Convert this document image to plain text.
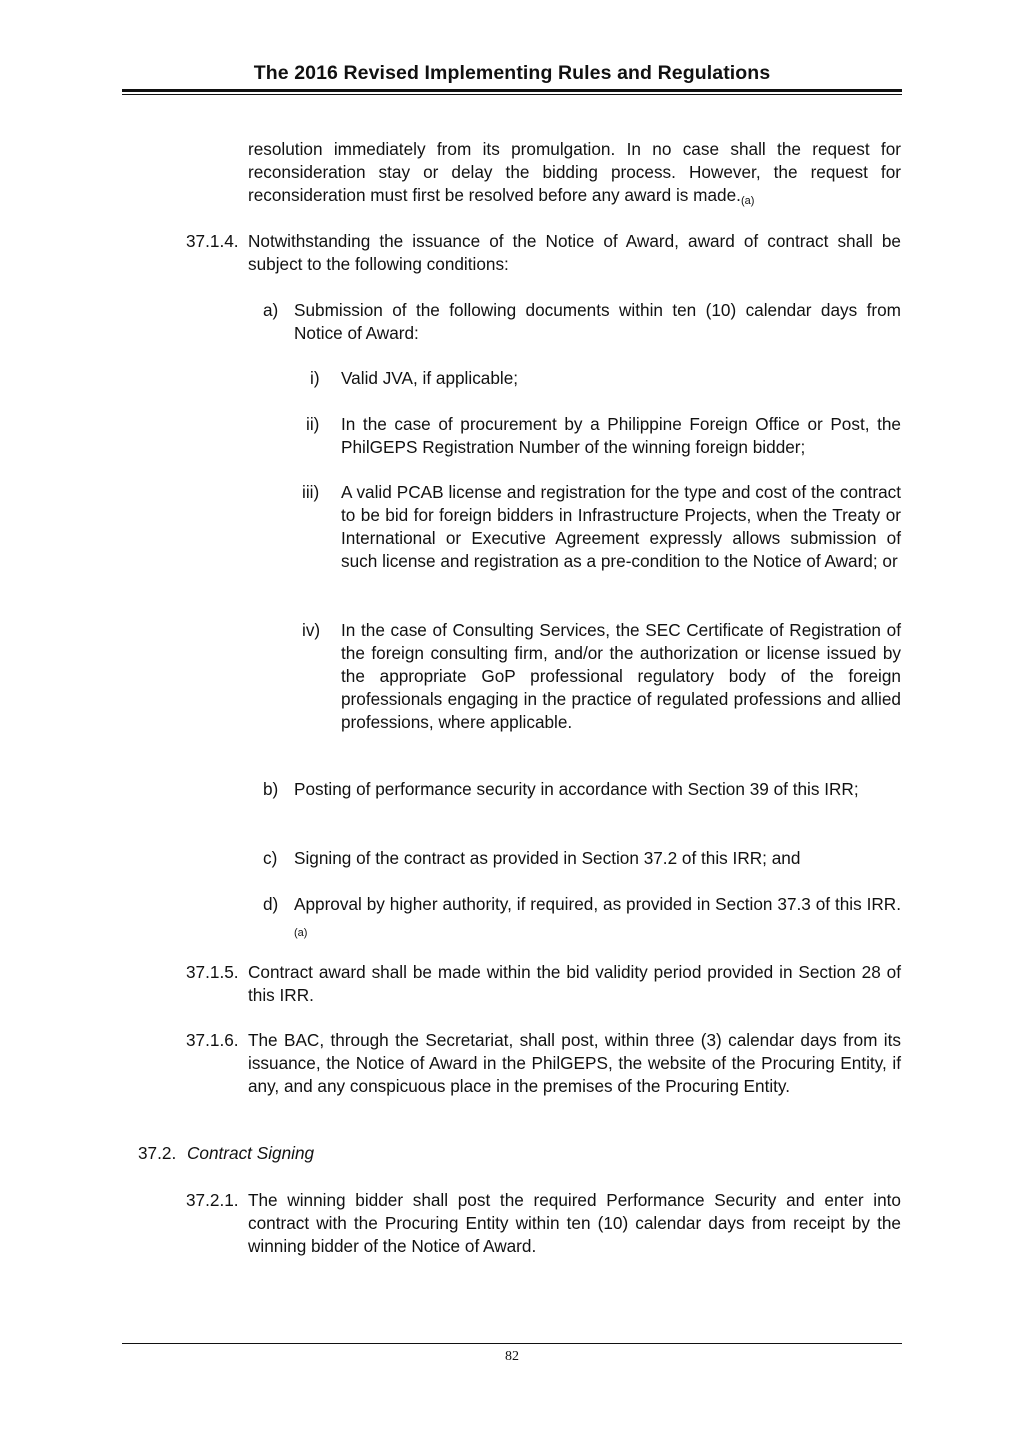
The 2016 Revised Implementing Rules and Regulations
resolution immediately from its promulgation. In no case shall the request for reconsideration stay or delay the bidding process. However, the request for reconsideration must first be resolved before any award is $made._{(a)}$
37.1.4. Notwithstanding the issuance of the Notice of Award, award of contract shall be subject to the following conditions:
a) Submission of the following documents within ten (10) calendar days from Notice of Award:
i) Valid JVA, if applicable;
ii) In the case of procurement by a Philippine Foreign Office or Post, the PhilGEPS Registration Number of the winning foreign bidder;
iii) A valid PCAB license and registration for the type and cost of the contract to be bid for foreign bidders in Infrastructure Projects, when the Treaty or International or Executive Agreement expressly allows submission of such license and registration as a pre-condition to the Notice of Award; or
iv) In the case of Consulting Services, the SEC Certificate of Registration of the foreign consulting firm, and/or the authorization or license issued by the appropriate GoP professional regulatory body of the foreign professionals engaging in the practice of regulated professions and allied professions, where applicable.
b) Posting of performance security in accordance with Section 39 of this IRR;
c) Signing of the contract as provided in Section 37.2 of this IRR; and
d) Approval by higher authority, if required, as provided in Section 37.3 of this $IRR._{(a)}$
37.1.5. Contract award shall be made within the bid validity period provided in Section 28 of this IRR.
37.1.6. The BAC, through the Secretariat, shall post, within three (3) calendar days from its issuance, the Notice of Award in the PhilGEPS, the website of the Procuring Entity, if any, and any conspicuous place in the premises of the Procuring Entity.
37.2. Contract Signing
37.2.1. The winning bidder shall post the required Performance Security and enter into contract with the Procuring Entity within ten (10) calendar days from receipt by the winning bidder of the Notice of Award.
82
